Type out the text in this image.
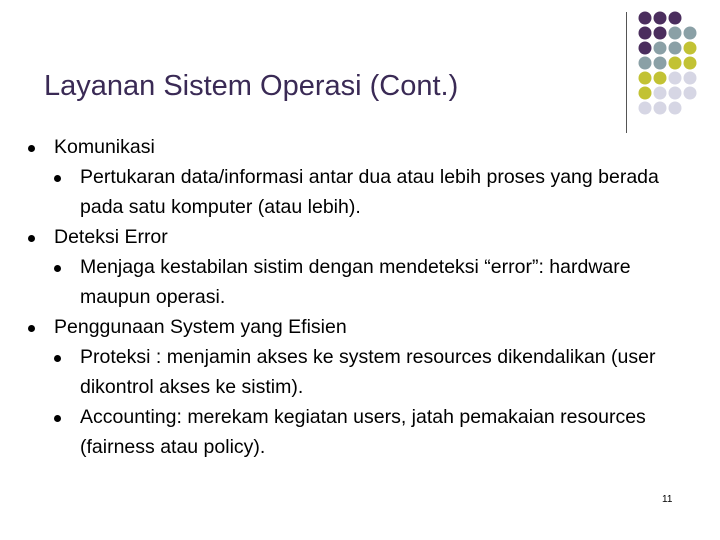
Layanan Sistem Operasi (Cont.)
Komunikasi
Pertukaran data/informasi antar dua atau lebih proses yang berada pada satu komputer (atau lebih).
Deteksi Error
Menjaga kestabilan sistim dengan mendeteksi “error”: hardware maupun operasi.
Penggunaan System yang Efisien
Proteksi : menjamin akses ke system resources dikendalikan (user dikontrol akses ke sistim).
Accounting: merekam kegiatan users, jatah pemakaian resources (fairness atau policy).
11
